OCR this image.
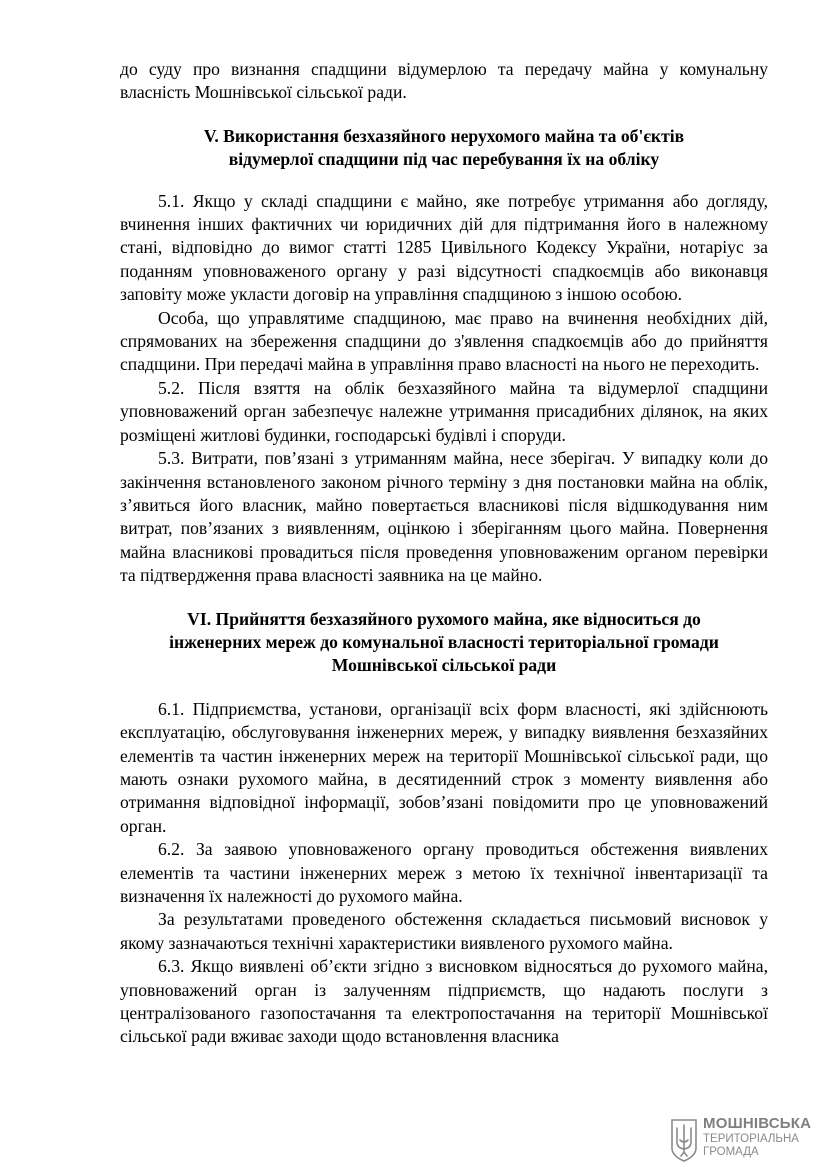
до суду про визнання спадщини відумерлою та передачу майна у комунальну власність Мошнівської сільської ради.

V. Використання безхазяйного нерухомого майна та об'єктів

відумерлої спадщини під час перебування їх на обліку

5.1. Якщо у складі спадщини є майно, яке потребує утримання або догляду, вчинення інших фактичних чи юридичних дій для підтримання його в належному стані, відповідно до вимог статті 1285 Цивільного Кодексу України, нотаріус за поданням уповноваженого органу у разі відсутності спадкоємців або виконавця заповіту може укласти договір на управління спадщиною з іншою особою.

Особа, що управлятиме спадщиною, має право на вчинення необхідних дій, спрямованих на збереження спадщини до з'явлення спадкоємців або до прийняття спадщини. При передачі майна в управління право власності на нього не переходить.

5.2. Після взяття на облік безхазяйного майна та відумерлої спадщини уповноважений орган забезпечує належне утримання присадибних ділянок, на яких розміщені житлові будинки, господарські будівлі і споруди.

5.3. Витрати, пов’язані з утриманням майна, несе зберігач. У випадку коли до закінчення встановленого законом річного терміну з дня постановки майна на облік, з’явиться його власник, майно повертається власникові після відшкодування ним витрат, пов’язаних з виявленням, оцінкою і зберіганням цього майна. Повернення майна власникові провадиться після проведення уповноваженим органом перевірки та підтвердження права власності заявника на це майно.

VI. Прийняття безхазяйного рухомого майна, яке відноситься до

інженерних мереж до комунальної власності територіальної громади

Мошнівської сільської ради

6.1. Підприємства, установи, організації всіх форм власності, які здійснюють експлуатацію, обслуговування інженерних мереж, у випадку виявлення безхазяйних елементів та частин інженерних мереж на території Мошнівської сільської ради, що мають ознаки рухомого майна, в десятиденний строк з моменту виявлення або отримання відповідної інформації, зобов’язані повідомити про це уповноважений орган.

6.2. За заявою уповноваженого органу проводиться обстеження виявлених елементів та частини інженерних мереж з метою їх технічної інвентаризації та визначення їх належності до рухомого майна.

За результатами проведеного обстеження складається письмовий висновок у якому зазначаються технічні характеристики виявленого рухомого майна.

6.3. Якщо виявлені об’єкти згідно з висновком відносяться до рухомого майна, уповноважений орган із залученням підприємств, що надають послуги з централізованого газопостачання та електропостачання на території Мошнівської сільської ради вживає заходи щодо встановлення власника

МОШНІВСЬКА
ТЕРИТОРІАЛЬНА
ГРОМАДА
